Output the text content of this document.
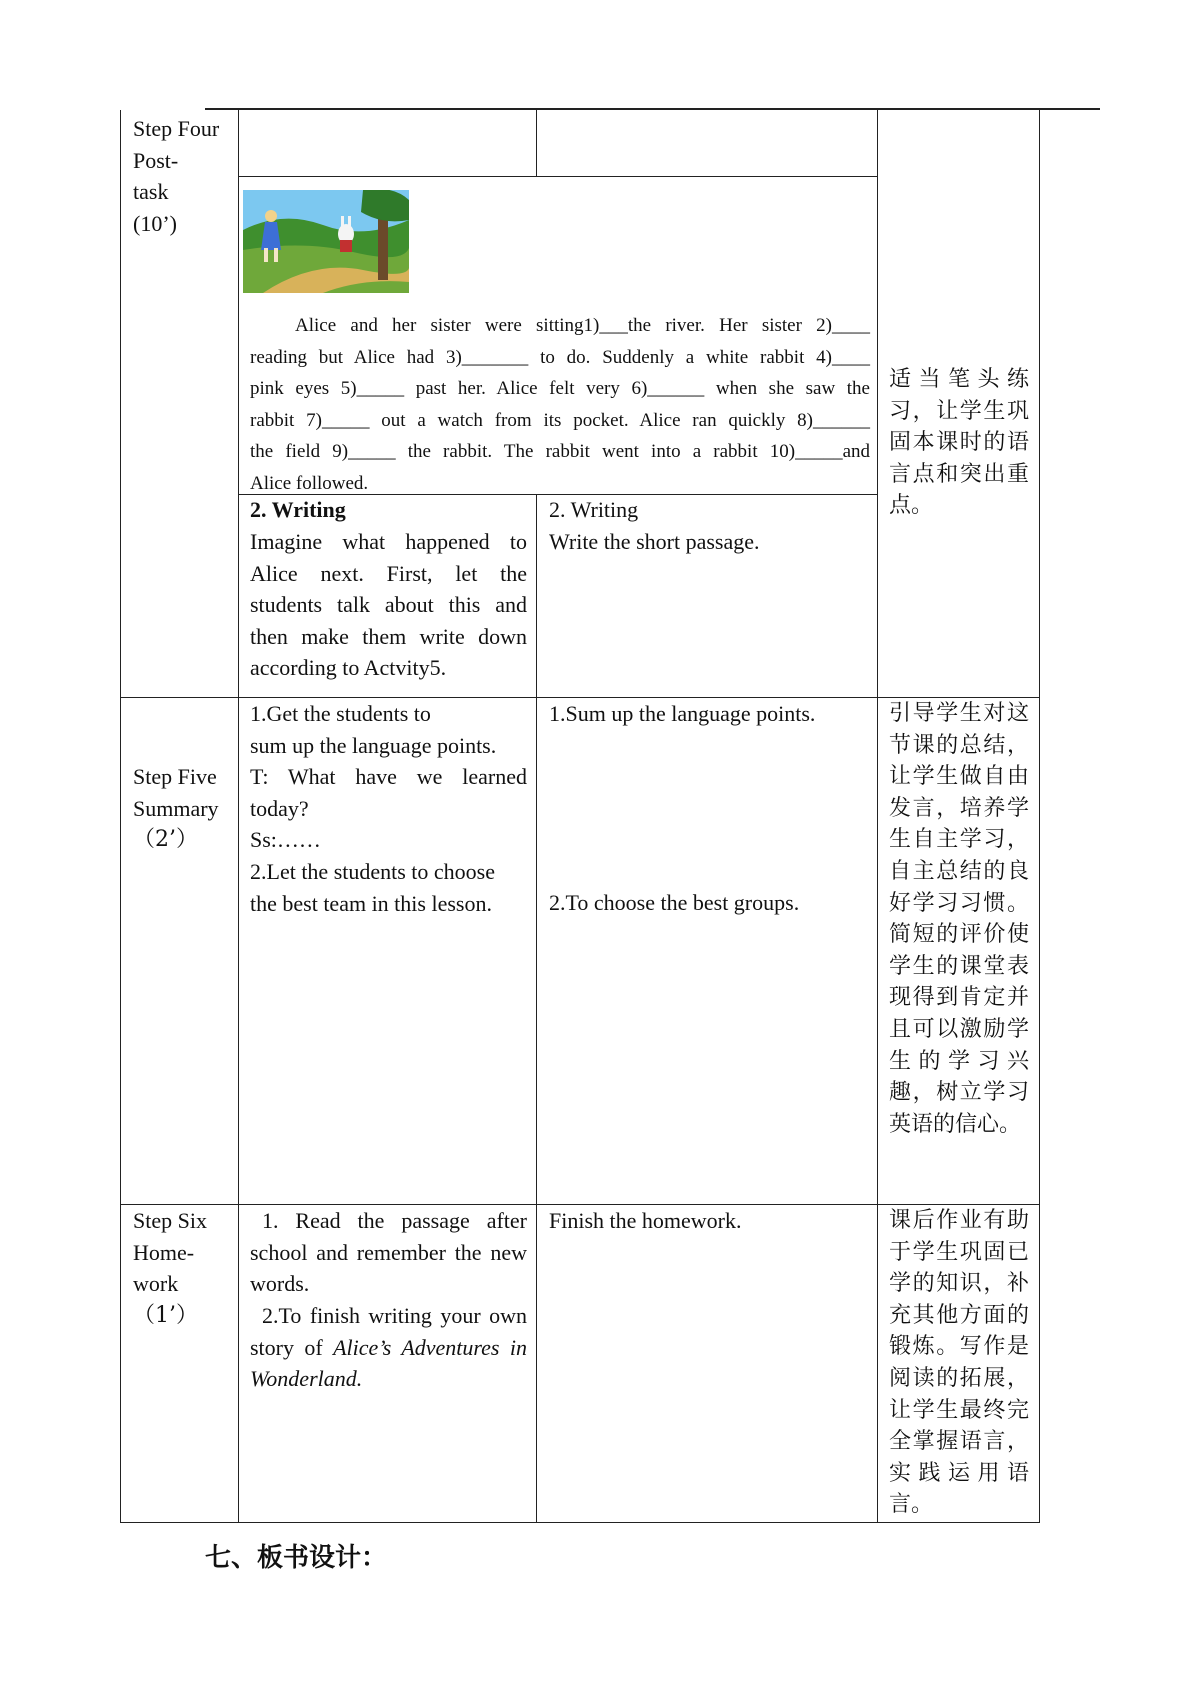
Step Four
Post-
task
(10’)

Alice and her sister were sitting1)___the river. Her sister 2)____

reading but Alice had 3)_______ to do. Suddenly a white rabbit 4)____

pink eyes 5)_____ past her. Alice felt very 6)______ when she saw the

rabbit 7)_____ out a watch from its pocket. Alice ran quickly 8)______

the field 9)_____ the rabbit. The rabbit went into a rabbit 10)_____and

Alice followed.

2. Writing
Imagine what happened to Alice next. First, let the students talk about this and then make them write down according to Actvity5.
2. Writing
Write the short passage.
适当笔头练习，让学生巩固本课时的语言点和突出重点。
Step Five
Summary
（2’）
1.Get the students to
sum up the language points.
T: What have we learned
today?
Ss:……
2.Let the students to choose
the best team in this lesson.
1.Sum up the language points.
2.To choose the best groups.
引导学生对这节课的总结，让学生做自由发言，培养学生自主学习，自主总结的良好学习习惯。简短的评价使学生的课堂表现得到肯定并且可以激励学生的学习兴趣，树立学习英语的信心。
Step Six
Home-
work
（1’）
1. Read the passage after school and remember the new words.
2.To finish writing your own story of Alice’s Adventures in Wonderland.
Finish the homework.	课后作业有助于学生巩固已学的知识，补充其他方面的锻炼。写作是阅读的拓展，让学生最终完全掌握语言，实践运用语言。
七、板书设计：
